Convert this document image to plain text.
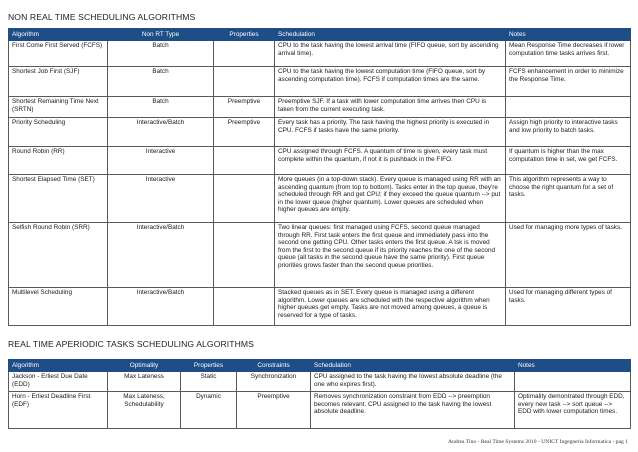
NON REAL TIME SCHEDULING ALGORITHMS
Algorithm	Non RT Type	Properties	Schedulation	Notes
First Come First Served (FCFS)	Batch		CPU to the task having the lowest arrival time (FIFO queue, sort by ascending arrival time).	Mean Response Time decreases if lower computation time tasks arrives first.
Shortest Job First (SJF)	Batch		CPU to the task having the lowest computation time (FIFO queue, sort by ascending computation time). FCFS if computation times are the same.	FCFS enhancement in order to minimize the Response Time.
Shortest Remaining Time Next (SRTN)	Batch	Preemptive	Preemptive SJF. If a task with lower computation time arrives then CPU is taken from the current executing task.	
Priority Scheduling	Interactive/Batch	Preemptive	Every task has a priority. The task having the highest priority is executed in CPU. FCFS if tasks have the same priority.	Assign high priority to interactive tasks and low priority to batch tasks.
Round Robin (RR)	Interactive		CPU assigned through FCFS. A quantum of time is given, every task must complete within the quantum, if not it is pushback in the FIFO.	If quantum is higher than the max computation time in set, we get FCFS.
Shortest Elapsed Time (SET)	Interactive		More queues (in a top-down stack). Every queue is managed using RR with an ascending quantum (from top to bottom). Tasks enter in the top queue, they're scheduled through RR and get CPU; if they exceed the queue quantum --> put in the lower queue (higher quantum). Lower queues are scheduled when higher queues are empty.	This algorithm represents a way to choose the right quantum for a set of tasks.
Selfish Round Robin (SRR)	Interactive/Batch		Two linear queues: first managed using FCFS, second queue managed through RR. First task enters the first queue and immediately pass into the second one getting CPU. Other tasks enters the first queue. A tsk is moved from the first to the second queue if its priority reaches the one of the second queue (all tasks in the second queue have the same priority). First queue priorities grows faster than the second queue priorities.	Used for managing more types of tasks.
Multilevel Scheduling	Interactive/Batch		Stacked queues as in SET. Every queue is managed using a different algorithm. Lower queues are scheduled with the respective algorithm when higher queues get empty. Tasks are not moved among queues, a queue is reserved for a type of tasks.	Used for managing different types of tasks.
REAL TIME APERIODIC TASKS SCHEDULING ALGORITHMS
Algorithm	Optimality	Properties	Constraints	Schedulation	Notes
Jackson - Erliest Due Date (EDD)	Max Lateness	Static	Synchronization	CPU assigned to the task having the lowest absolute deadline (the one who expires first).	
Horn - Erliest Deadline First (EDF)	Max Lateness, Schedulability	Dynamic	Preemptive	Removes synchronization constraint from EDD --> preemption becomes relevant. CPU assigned to the task having the lowest absolute deadline.	Optimality demontrated through EDD, every new task --> sort queue --> EDD with lower computation times.
Andrea Tino - Real Time Systems 2010 - UNICT Ingegneria Informatica - pag 1
